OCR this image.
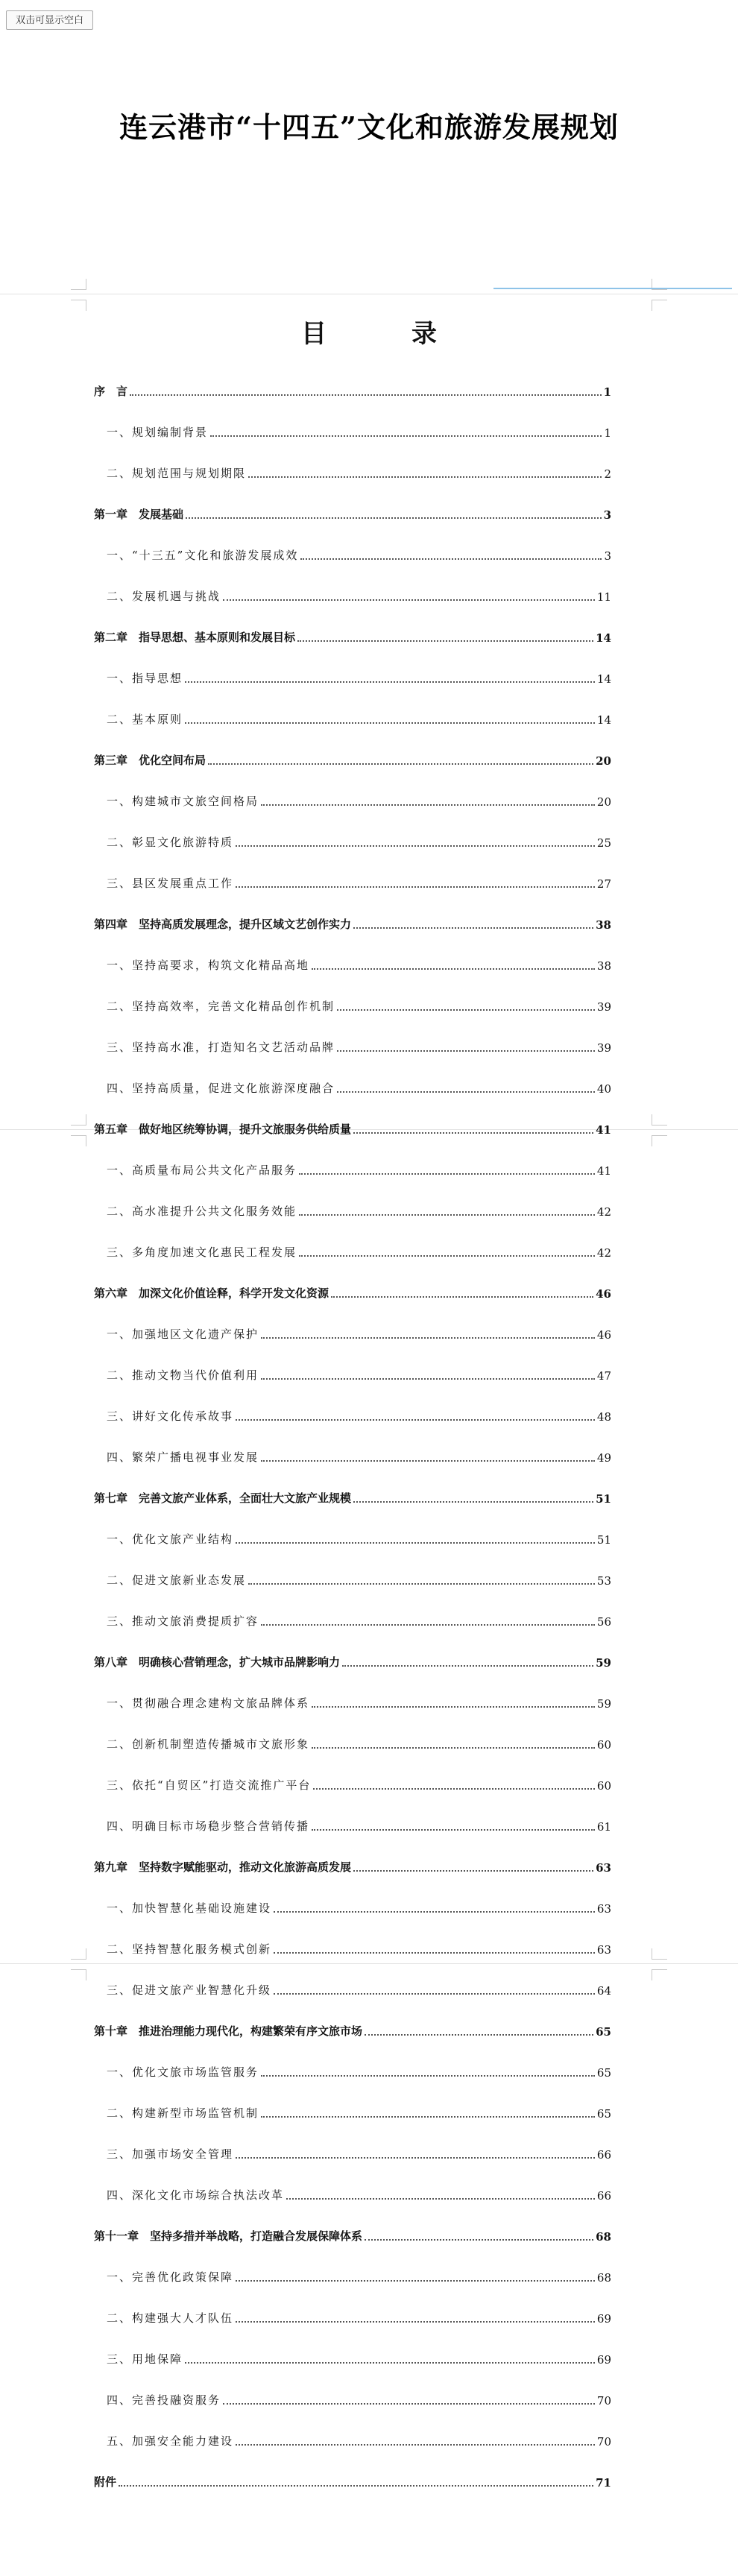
连云港市“十四五”文化和旅游发展规划
双击可显示空白
目　录
序　言	1
一、规划编制背景	1
二、规划范围与规划期限	2
第一章　发展基础	3
一、“十三五”文化和旅游发展成效	3
二、发展机遇与挑战	11
第二章　指导思想、基本原则和发展目标	14
一、指导思想	14
二、基本原则	14
第三章　优化空间布局	20
一、构建城市文旅空间格局	20
二、彰显文化旅游特质	25
三、县区发展重点工作	27
第四章　坚持高质发展理念，提升区域文艺创作实力	38
一、坚持高要求，构筑文化精品高地	38
二、坚持高效率，完善文化精品创作机制	39
三、坚持高水准，打造知名文艺活动品牌	39
四、坚持高质量，促进文化旅游深度融合	40
第五章　做好地区统筹协调，提升文旅服务供给质量	41
一、高质量布局公共文化产品服务	41
二、高水准提升公共文化服务效能	42
三、多角度加速文化惠民工程发展	42
第六章　加深文化价值诠释，科学开发文化资源	46
一、加强地区文化遗产保护	46
二、推动文物当代价值利用	47
三、讲好文化传承故事	48
四、繁荣广播电视事业发展	49
第七章　完善文旅产业体系，全面壮大文旅产业规模	51
一、优化文旅产业结构	51
二、促进文旅新业态发展	53
三、推动文旅消费提质扩容	56
第八章　明确核心营销理念，扩大城市品牌影响力	59
一、贯彻融合理念建构文旅品牌体系	59
二、创新机制塑造传播城市文旅形象	60
三、依托“自贸区”打造交流推广平台	60
四、明确目标市场稳步整合营销传播	61
第九章　坚持数字赋能驱动，推动文化旅游高质发展	63
一、加快智慧化基础设施建设	63
二、坚持智慧化服务模式创新	63
三、促进文旅产业智慧化升级	64
第十章　推进治理能力现代化，构建繁荣有序文旅市场	65
一、优化文旅市场监管服务	65
二、构建新型市场监管机制	65
三、加强市场安全管理	66
四、深化文化市场综合执法改革	66
第十一章　坚持多措并举战略，打造融合发展保障体系	68
一、完善优化政策保障	68
二、构建强大人才队伍	69
三、用地保障	69
四、完善投融资服务	70
五、加强安全能力建设	70
附件	71
